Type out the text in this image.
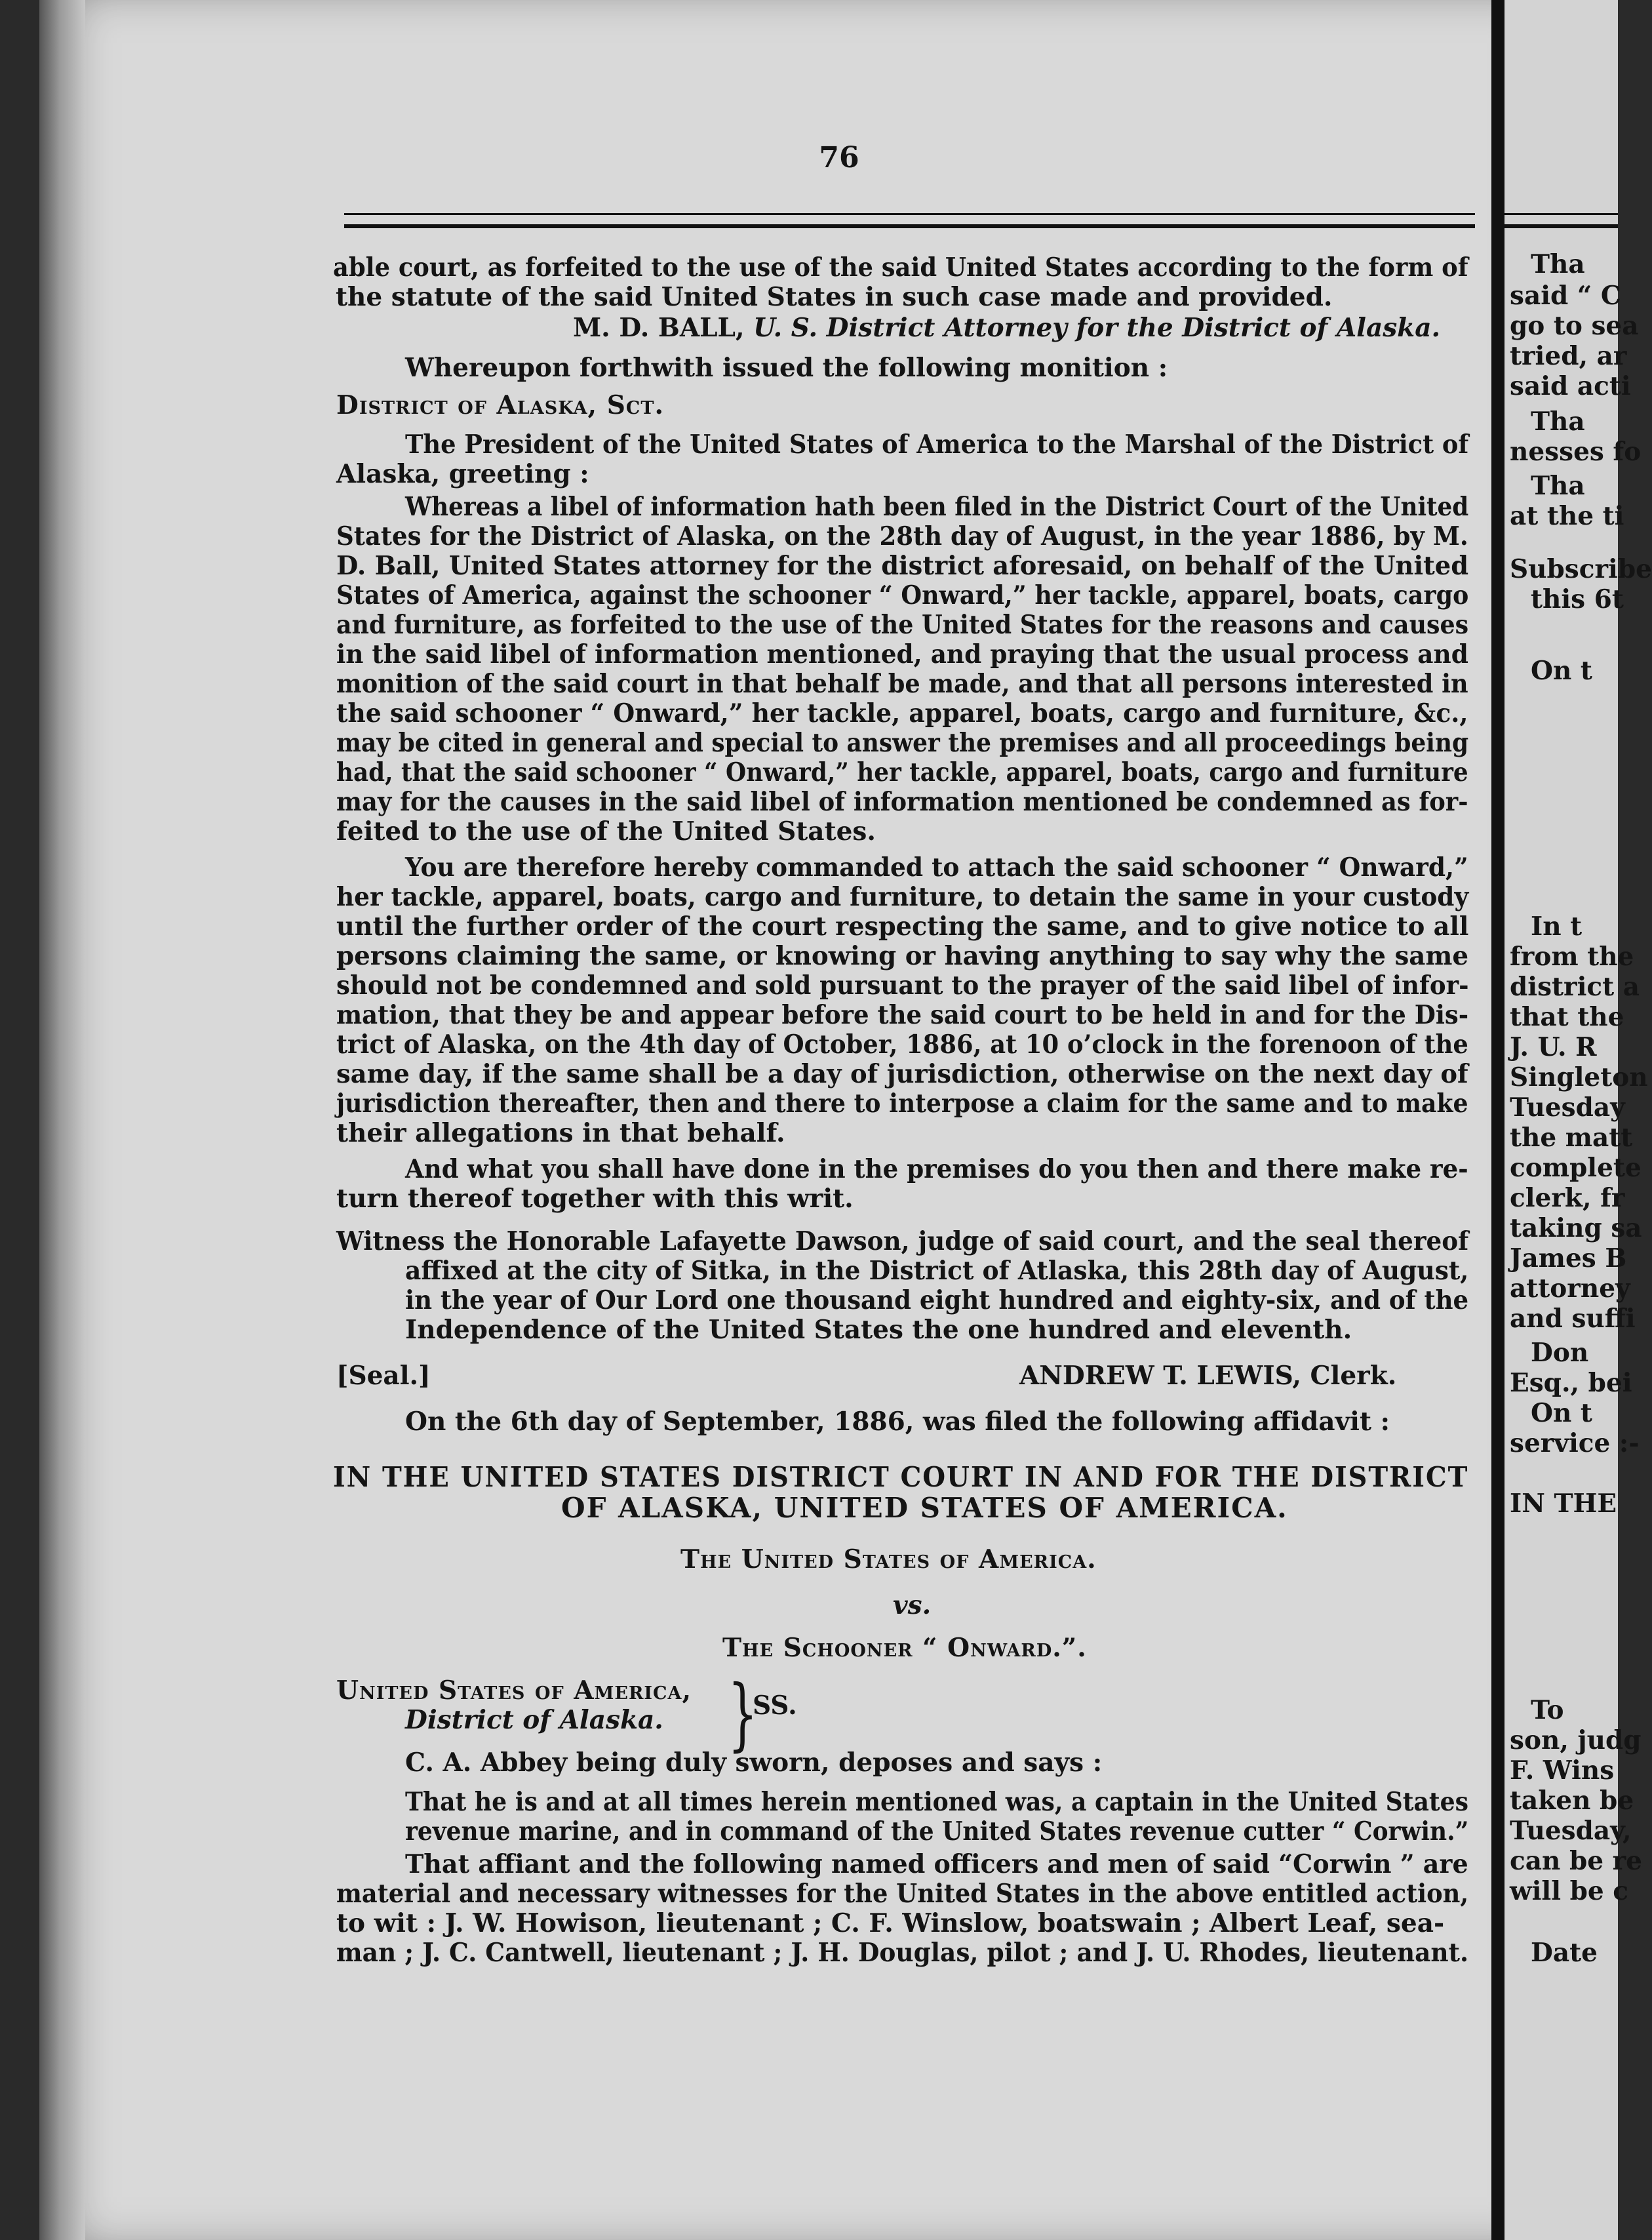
76
able court, as forfeited to the use of the said United States according to the form of
the statute of the said United States in such case made and provided.
M. D. BALL, U. S. District Attorney for the District of Alaska.
Whereupon forthwith issued the following monition :
District of Alaska, Sct.
The President of the United States of America to the Marshal of the District of
Alaska, greeting :
Whereas a libel of information hath been filed in the District Court of the United
States for the District of Alaska, on the 28th day of August, in the year 1886, by M.
D. Ball, United States attorney for the district aforesaid, on behalf of the United
States of America, against the schooner “ Onward,” her tackle, apparel, boats, cargo
and furniture, as forfeited to the use of the United States for the reasons and causes
in the said libel of information mentioned, and praying that the usual process and
monition of the said court in that behalf be made, and that all persons interested in
the said schooner “ Onward,” her tackle, apparel, boats, cargo and furniture, &c.,
may be cited in general and special to answer the premises and all proceedings being
had, that the said schooner “ Onward,” her tackle, apparel, boats, cargo and furniture
may for the causes in the said libel of information mentioned be condemned as for-
feited to the use of the United States.
You are therefore hereby commanded to attach the said schooner “ Onward,”
her tackle, apparel, boats, cargo and furniture, to detain the same in your custody
until the further order of the court respecting the same, and to give notice to all
persons claiming the same, or knowing or having anything to say why the same
should not be condemned and sold pursuant to the prayer of the said libel of infor-
mation, that they be and appear before the said court to be held in and for the Dis-
trict of Alaska, on the 4th day of October, 1886, at 10 o’clock in the forenoon of the
same day, if the same shall be a day of jurisdiction, otherwise on the next day of
jurisdiction thereafter, then and there to interpose a claim for the same and to make
their allegations in that behalf.
And what you shall have done in the premises do you then and there make re-
turn thereof together with this writ.
Witness the Honorable Lafayette Dawson, judge of said court, and the seal thereof
affixed at the city of Sitka, in the District of Atlaska, this 28th day of August,
in the year of Our Lord one thousand eight hundred and eighty-six, and of the
Independence of the United States the one hundred and eleventh.
[Seal.]	ANDREW T. LEWIS, Clerk.
On the 6th day of September, 1886, was filed the following affidavit :
IN THE UNITED STATES DISTRICT COURT IN AND FOR THE DISTRICT
OF ALASKA, UNITED STATES OF AMERICA.
The United States of America.
vs.
The Schooner “ Onward.”.
United States of America,
District of Alaska. }
SS.
C. A. Abbey being duly sworn, deposes and says :
That he is and at all times herein mentioned was, a captain in the United States
revenue marine, and in command of the United States revenue cutter “ Corwin.”
That affiant and the following named officers and men of said “Corwin ” are
material and necessary witnesses for the United States in the above entitled action,
to wit : J. W. Howison, lieutenant ; C. F. Winslow, boatswain ; Albert Leaf, sea-
man ; J. C. Cantwell, lieutenant ; J. H. Douglas, pilot ; and J. U. Rhodes, lieutenant.
Tha
said “ C
go to sea
tried, ar
said acti
Tha
nesses fo
Tha
at the ti
Subscribe
this 6t
On t
In t
from the
district a
that the
J. U. R
Singleton
Tuesday
the matt
complete
clerk, fr
taking sa
James B
attorney
and suffi
Don
Esq., bei
On t
service :-
IN THE
To
son, judg
F. Wins
taken be
Tuesday,
can be re
will be c
Date
